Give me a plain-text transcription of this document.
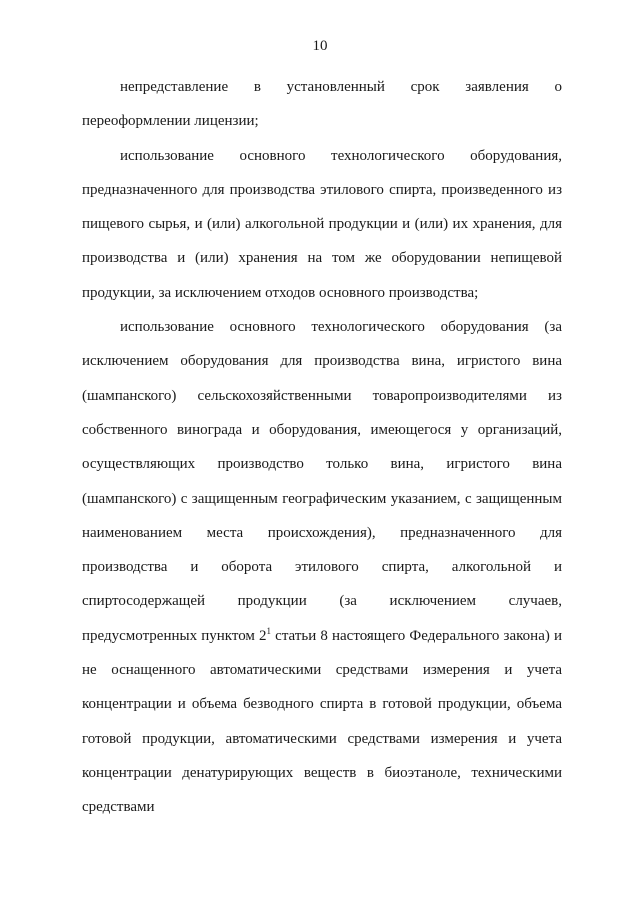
10

непредставление в установленный срок заявления о переоформлении лицензии;

использование основного технологического оборудования, предназначенного для производства этилового спирта, произведенного из пищевого сырья, и (или) алкогольной продукции и (или) их хранения, для производства и (или) хранения на том же оборудовании непищевой продукции, за исключением отходов основного производства;

использование основного технологического оборудования (за исключением оборудования для производства вина, игристого вина (шампанского) сельскохозяйственными товаропроизводителями из собственного винограда и оборудования, имеющегося у организаций, осуществляющих производство только вина, игристого вина (шампанского) с защищенным географическим указанием, с защищенным наименованием места происхождения), предназначенного для производства и оборота этилового спирта, алкогольной и спиртосодержащей продукции (за исключением случаев, предусмотренных пунктом $2^1$ статьи 8 настоящего Федерального закона) и не оснащенного автоматическими средствами измерения и учета концентрации и объема безводного спирта в готовой продукции, объема готовой продукции, автоматическими средствами измерения и учета концентрации денатурирующих веществ в биоэтаноле, техническими средствами
